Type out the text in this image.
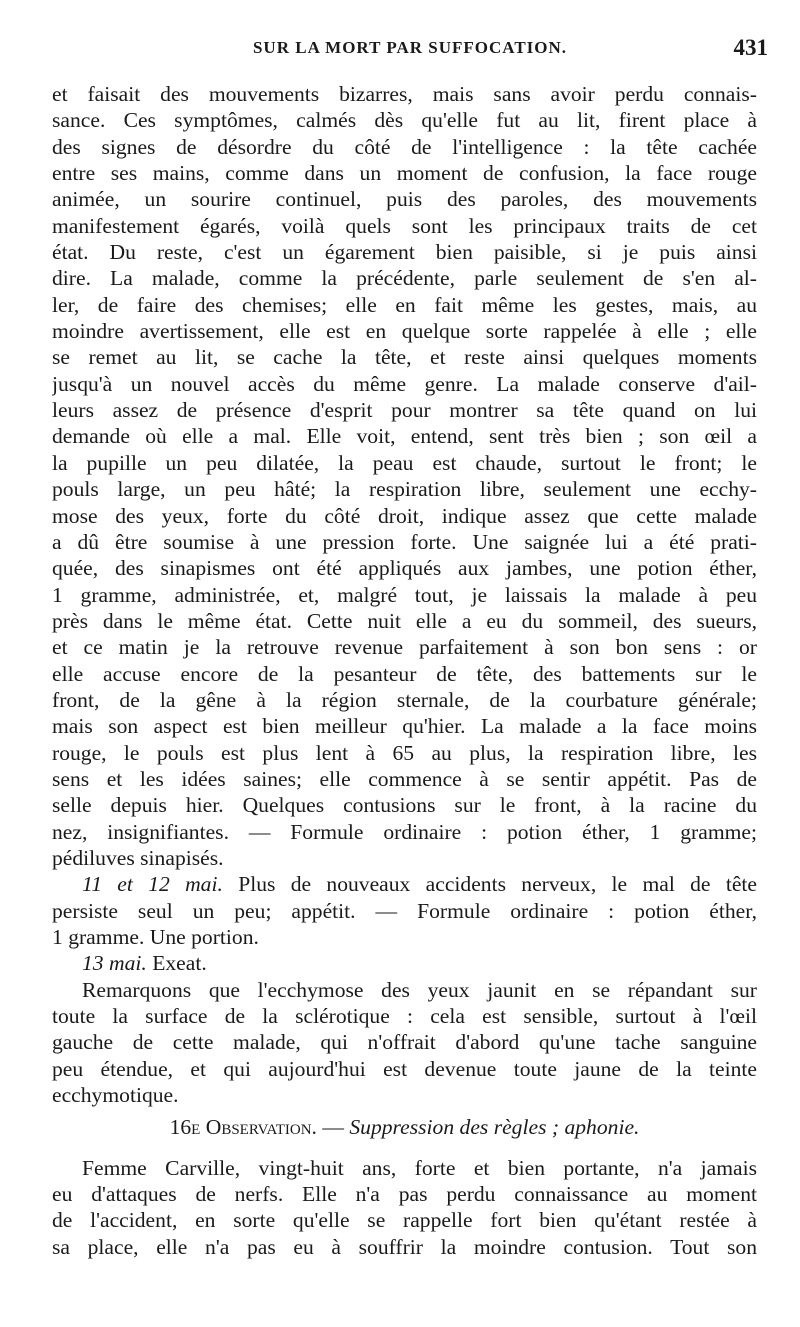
SUR LA MORT PAR SUFFOCATION.	431
et faisait des mouvements bizarres, mais sans avoir perdu connais-
sance. Ces symptômes, calmés dès qu'elle fut au lit, firent place à
des signes de désordre du côté de l'intelligence : la tête cachée
entre ses mains, comme dans un moment de confusion, la face rouge
animée, un sourire continuel, puis des paroles, des mouvements
manifestement égarés, voilà quels sont les principaux traits de cet
état. Du reste, c'est un égarement bien paisible, si je puis ainsi
dire. La malade, comme la précédente, parle seulement de s'en al-
ler, de faire des chemises; elle en fait même les gestes, mais, au
moindre avertissement, elle est en quelque sorte rappelée à elle ; elle
se remet au lit, se cache la tête, et reste ainsi quelques moments
jusqu'à un nouvel accès du même genre. La malade conserve d'ail-
leurs assez de présence d'esprit pour montrer sa tête quand on lui
demande où elle a mal. Elle voit, entend, sent très bien ; son œil a
la pupille un peu dilatée, la peau est chaude, surtout le front; le
pouls large, un peu hâté; la respiration libre, seulement une ecchy-
mose des yeux, forte du côté droit, indique assez que cette malade
a dû être soumise à une pression forte. Une saignée lui a été prati-
quée, des sinapismes ont été appliqués aux jambes, une potion éther,
1 gramme, administrée, et, malgré tout, je laissais la malade à peu
près dans le même état. Cette nuit elle a eu du sommeil, des sueurs,
et ce matin je la retrouve revenue parfaitement à son bon sens : or
elle accuse encore de la pesanteur de tête, des battements sur le
front, de la gêne à la région sternale, de la courbature générale;
mais son aspect est bien meilleur qu'hier. La malade a la face moins
rouge, le pouls est plus lent à 65 au plus, la respiration libre, les
sens et les idées saines; elle commence à se sentir appétit. Pas de
selle depuis hier. Quelques contusions sur le front, à la racine du
nez, insignifiantes. — Formule ordinaire : potion éther, 1 gramme;
pédiluves sinapisés.
11 et 12 mai. Plus de nouveaux accidents nerveux, le mal de tête
persiste seul un peu; appétit. — Formule ordinaire : potion éther,
1 gramme. Une portion.
13 mai. Exeat.
Remarquons que l'ecchymose des yeux jaunit en se répandant sur
toute la surface de la sclérotique : cela est sensible, surtout à l'œil
gauche de cette malade, qui n'offrait d'abord qu'une tache sanguine
peu étendue, et qui aujourd'hui est devenue toute jaune de la teinte
ecchymotique.
16e Observation. — Suppression des règles ; aphonie.
Femme Carville, vingt-huit ans, forte et bien portante, n'a jamais
eu d'attaques de nerfs. Elle n'a pas perdu connaissance au moment
de l'accident, en sorte qu'elle se rappelle fort bien qu'étant restée à
sa place, elle n'a pas eu à souffrir la moindre contusion. Tout son
